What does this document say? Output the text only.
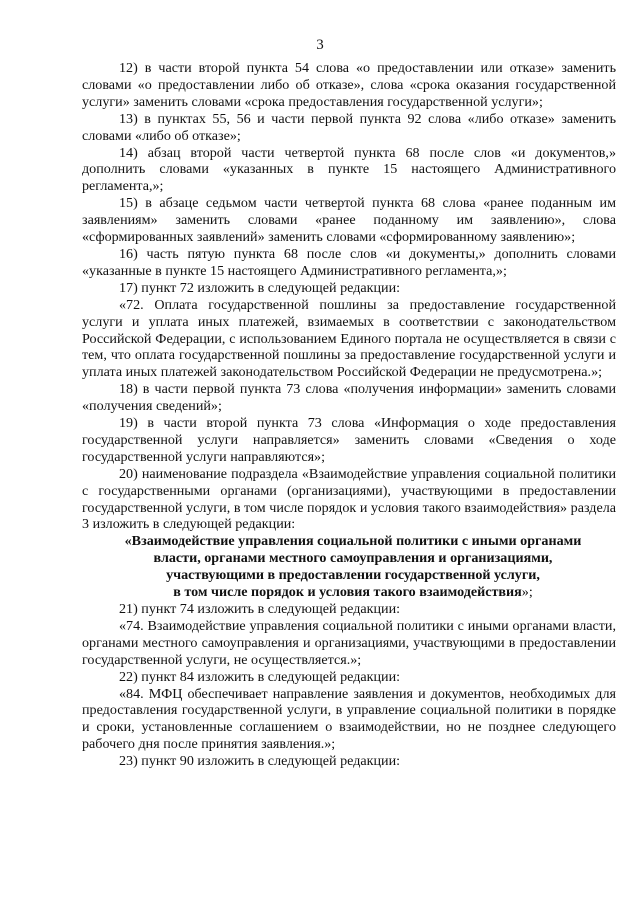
3

12) в части второй пункта 54 слова «о предоставлении или отказе» заменить словами «о предоставлении либо об отказе», слова «срока оказания государственной услуги» заменить словами «срока предоставления государственной услуги»;

13) в пунктах 55, 56 и части первой пункта 92 слова «либо отказе» заменить словами «либо об отказе»;

14) абзац второй части четвертой пункта 68 после слов «и документов,» дополнить словами «указанных в пункте 15 настоящего Административного регламента,»;

15) в абзаце седьмом части четвертой пункта 68 слова «ранее поданным им заявлениям» заменить словами «ранее поданному им заявлению», слова «сформированных заявлений» заменить словами «сформированному заявлению»;

16) часть пятую пункта 68 после слов «и документы,» дополнить словами «указанные в пункте 15 настоящего Административного регламента,»;

17) пункт 72 изложить в следующей редакции:

«72. Оплата государственной пошлины за предоставление государственной услуги и уплата иных платежей, взимаемых в соответствии с законодательством Российской Федерации, с использованием Единого портала не осуществляется в связи с тем, что оплата государственной пошлины за предоставление государственной услуги и уплата иных платежей законодательством Российской Федерации не предусмотрена.»;

18) в части первой пункта 73 слова «получения информации» заменить словами «получения сведений»;

19) в части второй пункта 73 слова «Информация о ходе предоставления государственной услуги направляется» заменить словами «Сведения о ходе государственной услуги направляются»;

20) наименование подраздела «Взаимодействие управления социальной политики с государственными органами (организациями), участвующими в предоставлении государственной услуги, в том числе порядок и условия такого взаимодействия» раздела 3 изложить в следующей редакции:

«Взаимодействие управления социальной политики с иными органами
власти, органами местного самоуправления и организациями,
участвующими в предоставлении государственной услуги,
в том числе порядок и условия такого взаимодействия»;

21) пункт 74 изложить в следующей редакции:

«74. Взаимодействие управления социальной политики с иными органами власти, органами местного самоуправления и организациями, участвующими в предоставлении государственной услуги, не осуществляется.»;

22) пункт 84 изложить в следующей редакции:

«84. МФЦ обеспечивает направление заявления и документов, необходимых для предоставления государственной услуги, в управление социальной политики в порядке и сроки, установленные соглашением о взаимодействии, но не позднее следующего рабочего дня после принятия заявления.»;

23) пункт 90 изложить в следующей редакции:
